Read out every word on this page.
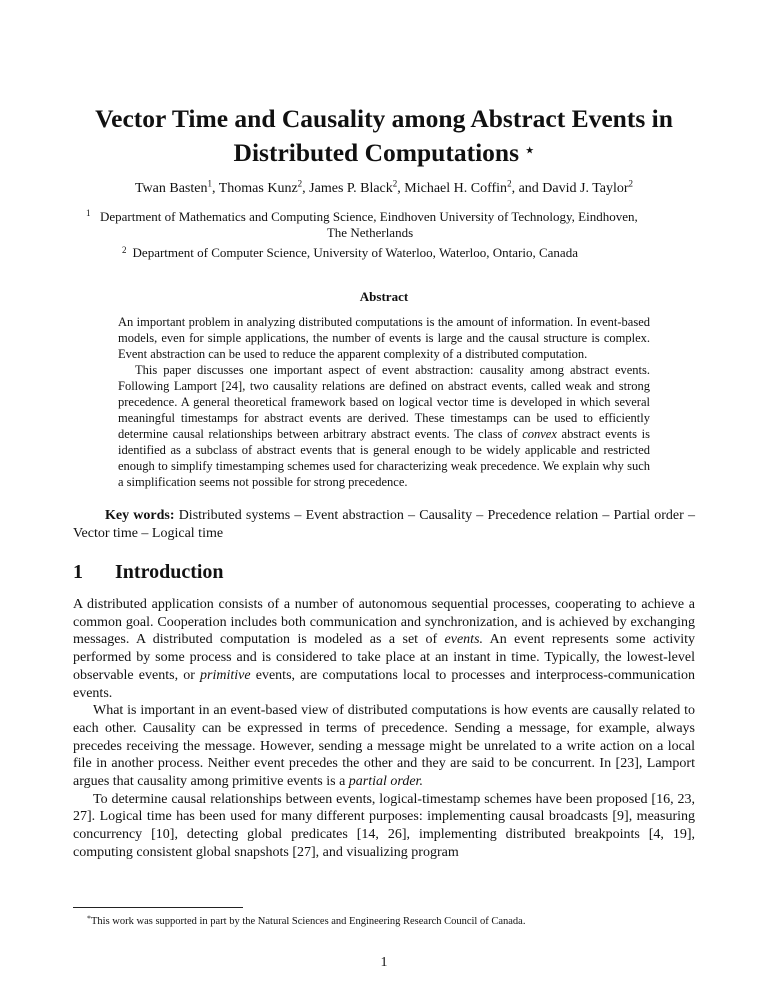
Vector Time and Causality among Abstract Events in
Distributed Computations ⋆
Twan Basten$^1$, Thomas Kunz$^2$, James P. Black$^2$, Michael H. Coffin$^2$, and David J. Taylor$^2$
1 Department of Mathematics and Computing Science, Eindhoven University of Technology, Eindhoven,
The Netherlands
$^2$ Department of Computer Science, University of Waterloo, Waterloo, Ontario, Canada
Abstract

An important problem in analyzing distributed computations is the amount of information. In event-based models, even for simple applications, the number of events is large and the causal structure is complex. Event abstraction can be used to reduce the apparent complexity of a distributed computation.

This paper discusses one important aspect of event abstraction: causality among abstract events. Following Lamport [24], two causality relations are defined on abstract events, called weak and strong precedence. A general theoretical framework based on logical vector time is developed in which several meaningful timestamps for abstract events are derived. These timestamps can be used to efficiently determine causal relationships between arbitrary abstract events. The class of convex abstract events is identified as a subclass of abstract events that is general enough to be widely applicable and restricted enough to simplify timestamping schemes used for characterizing weak precedence. We explain why such a simplification seems not possible for strong precedence.

Key words: Distributed systems – Event abstraction – Causality – Precedence relation – Partial order – Vector time – Logical time
1 Introduction

A distributed application consists of a number of autonomous sequential processes, cooperating to achieve a common goal. Cooperation includes both communication and synchronization, and is achieved by exchanging messages. A distributed computation is modeled as a set of events. An event represents some activity performed by some process and is considered to take place at an instant in time. Typically, the lowest-level observable events, or primitive events, are computations local to processes and interprocess-communication events.

What is important in an event-based view of distributed computations is how events are causally related to each other. Causality can be expressed in terms of precedence. Sending a message, for example, always precedes receiving the message. However, sending a message might be unrelated to a write action on a local file in another process. Neither event precedes the other and they are said to be concurrent. In [23], Lamport argues that causality among primitive events is a partial order.

To determine causal relationships between events, logical-timestamp schemes have been proposed [16, 23, 27]. Logical time has been used for many different purposes: implementing causal broadcasts [9], measuring concurrency [10], detecting global predicates [14, 26], implementing distributed breakpoints [4, 19], computing consistent global snapshots [27], and visualizing program

*This work was supported in part by the Natural Sciences and Engineering Research Council of Canada.
1
